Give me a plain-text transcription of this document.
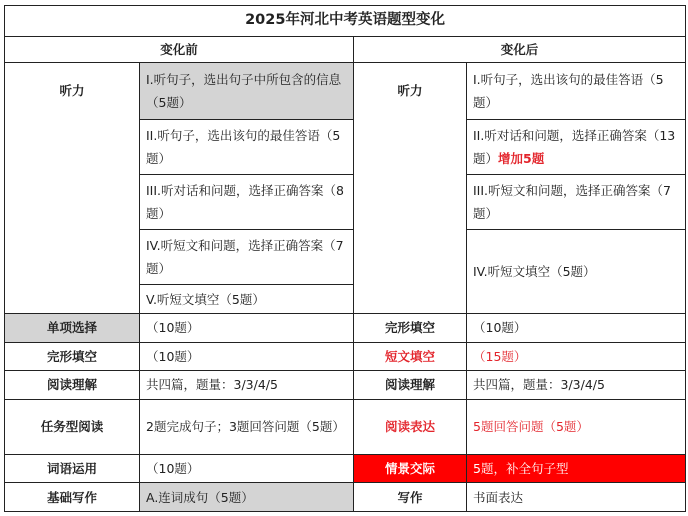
2025年河北中考英语题型变化			
变化前		变化后	
听力	I.听句子，选出句子中所包含的信息（5题）	听力	I.听句子，选出该句的最佳答语（5题）
	II.听句子，选出该句的最佳答语（5题）		II.听对话和问题，选择正确答案（13题）增加5题
	III.听对话和问题，选择正确答案（8题）		III.听短文和问题，选择正确答案（7题）
	IV.听短文和问题，选择正确答案（7题）		IV.听短文填空（5题）
	V.听短文填空（5题）		
单项选择	（10题）	完形填空	（10题）
完形填空	（10题）	短文填空	（15题）
阅读理解	共四篇，题量：3/3/4/5	阅读理解	共四篇，题量：3/3/4/5
任务型阅读	2题完成句子；3题回答问题（5题）	阅读表达	5题回答问题（5题）
词语运用	（10题）	情景交际	5题，补全句子型
基础写作	A.连词成句（5题）	写作	书面表达
